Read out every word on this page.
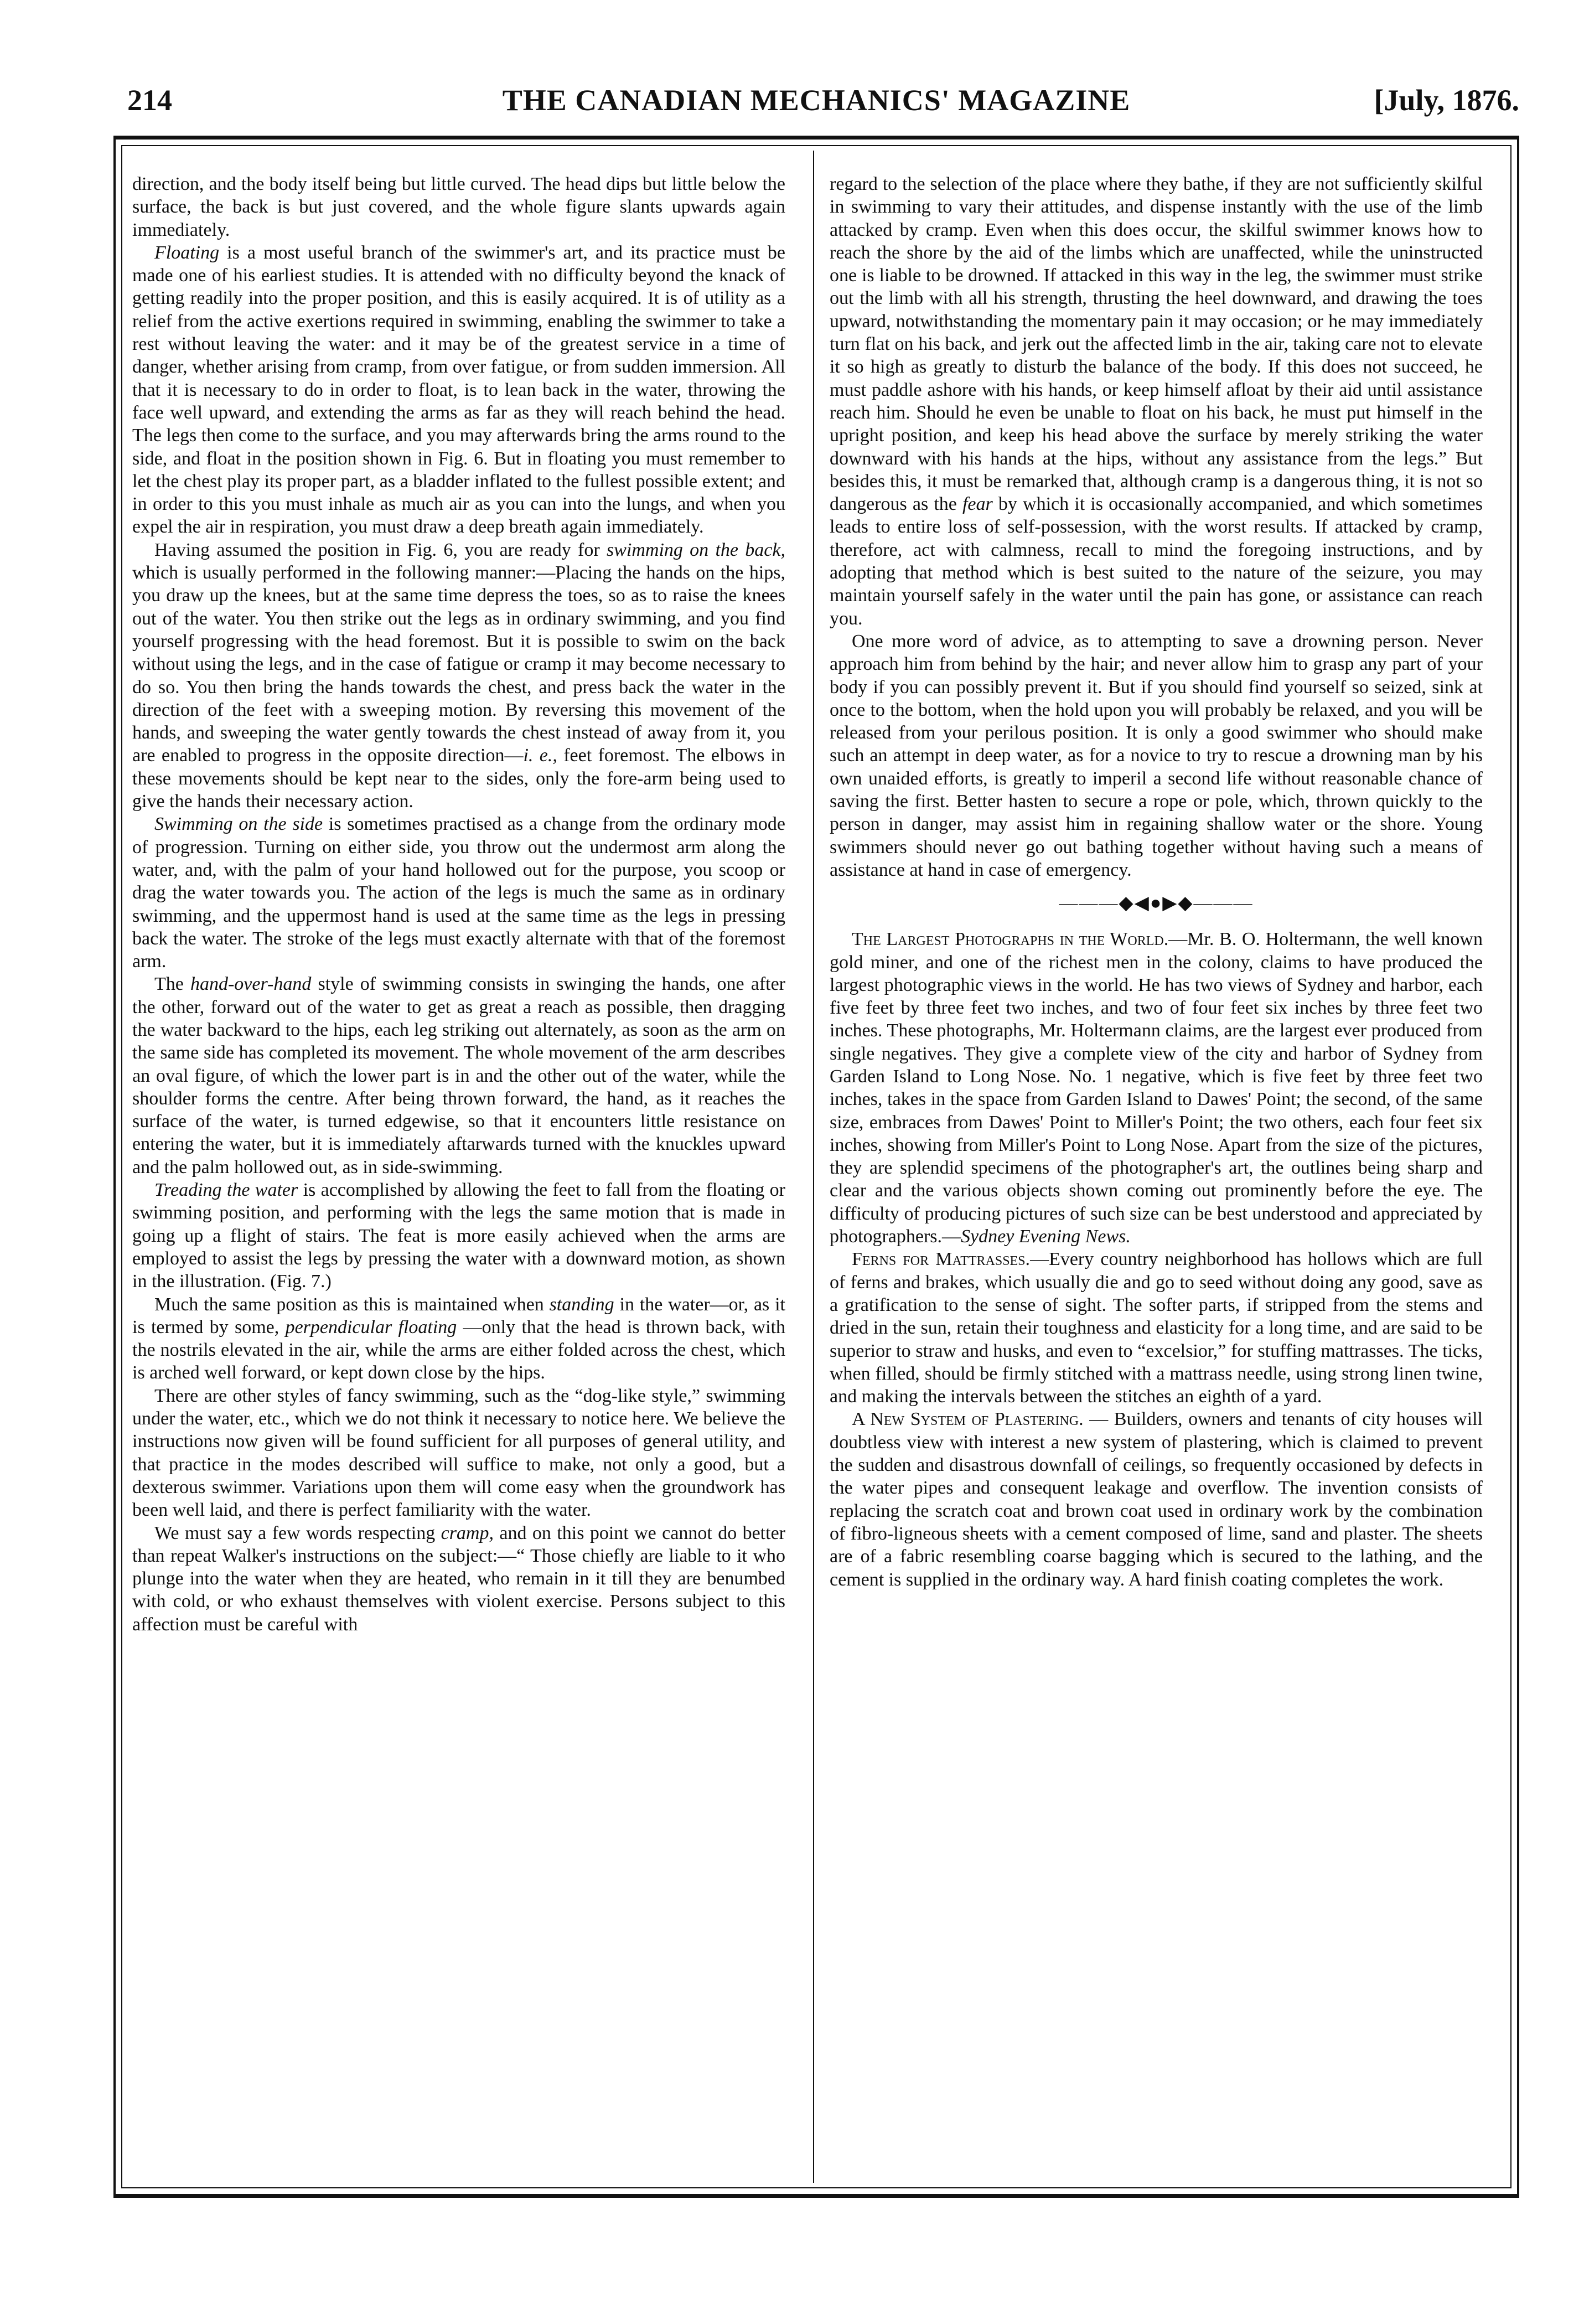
214	THE CANADIAN MECHANICS' MAGAZINE	[July, 1876.

direction, and the body itself being but little curved. The head dips but little below the surface, the back is but just covered, and the whole figure slants upwards again immediately.

Floating is a most useful branch of the swimmer's art, and its practice must be made one of his earliest studies. It is attended with no difficulty beyond the knack of getting readily into the proper position, and this is easily acquired. It is of utility as a relief from the active exertions required in swimming, enabling the swimmer to take a rest without leaving the water: and it may be of the greatest service in a time of danger, whether arising from cramp, from over fatigue, or from sudden immersion. All that it is necessary to do in order to float, is to lean back in the water, throwing the face well upward, and extending the arms as far as they will reach behind the head. The legs then come to the surface, and you may afterwards bring the arms round to the side, and float in the position shown in Fig. 6. But in floating you must remember to let the chest play its proper part, as a bladder inflated to the fullest possible extent; and in order to this you must inhale as much air as you can into the lungs, and when you expel the air in respiration, you must draw a deep breath again immediately.

Having assumed the position in Fig. 6, you are ready for swimming on the back, which is usually performed in the following manner:—Placing the hands on the hips, you draw up the knees, but at the same time depress the toes, so as to raise the knees out of the water. You then strike out the legs as in ordinary swimming, and you find yourself progressing with the head foremost. But it is possible to swim on the back without using the legs, and in the case of fatigue or cramp it may become necessary to do so. You then bring the hands towards the chest, and press back the water in the direction of the feet with a sweeping motion. By reversing this movement of the hands, and sweeping the water gently towards the chest instead of away from it, you are enabled to progress in the opposite direction—i. e., feet foremost. The elbows in these movements should be kept near to the sides, only the fore-arm being used to give the hands their necessary action.

Swimming on the side is sometimes practised as a change from the ordinary mode of progression. Turning on either side, you throw out the undermost arm along the water, and, with the palm of your hand hollowed out for the purpose, you scoop or drag the water towards you. The action of the legs is much the same as in ordinary swimming, and the uppermost hand is used at the same time as the legs in pressing back the water. The stroke of the legs must exactly alternate with that of the foremost arm.

The hand-over-hand style of swimming consists in swinging the hands, one after the other, forward out of the water to get as great a reach as possible, then dragging the water backward to the hips, each leg striking out alternately, as soon as the arm on the same side has completed its movement. The whole movement of the arm describes an oval figure, of which the lower part is in and the other out of the water, while the shoulder forms the centre. After being thrown forward, the hand, as it reaches the surface of the water, is turned edgewise, so that it encounters little resistance on entering the water, but it is immediately aftarwards turned with the knuckles upward and the palm hollowed out, as in side-swimming.

Treading the water is accomplished by allowing the feet to fall from the floating or swimming position, and performing with the legs the same motion that is made in going up a flight of stairs. The feat is more easily achieved when the arms are employed to assist the legs by pressing the water with a downward motion, as shown in the illustration. (Fig. 7.)

Much the same position as this is maintained when standing in the water—or, as it is termed by some, perpendicular floating —only that the head is thrown back, with the nostrils elevated in the air, while the arms are either folded across the chest, which is arched well forward, or kept down close by the hips.

There are other styles of fancy swimming, such as the “dog-like style,” swimming under the water, etc., which we do not think it necessary to notice here. We believe the instructions now given will be found sufficient for all purposes of general utility, and that practice in the modes described will suffice to make, not only a good, but a dexterous swimmer. Variations upon them will come easy when the groundwork has been well laid, and there is perfect familiarity with the water.

We must say a few words respecting cramp, and on this point we cannot do better than repeat Walker's instructions on the subject:—“ Those chiefly are liable to it who plunge into the water when they are heated, who remain in it till they are benumbed with cold, or who exhaust themselves with violent exercise. Persons subject to this affection must be careful with

regard to the selection of the place where they bathe, if they are not sufficiently skilful in swimming to vary their attitudes, and dispense instantly with the use of the limb attacked by cramp. Even when this does occur, the skilful swimmer knows how to reach the shore by the aid of the limbs which are unaffected, while the uninstructed one is liable to be drowned. If attacked in this way in the leg, the swimmer must strike out the limb with all his strength, thrusting the heel downward, and drawing the toes upward, notwithstanding the momentary pain it may occasion; or he may immediately turn flat on his back, and jerk out the affected limb in the air, taking care not to elevate it so high as greatly to disturb the balance of the body. If this does not succeed, he must paddle ashore with his hands, or keep himself afloat by their aid until assistance reach him. Should he even be unable to float on his back, he must put himself in the upright position, and keep his head above the surface by merely striking the water downward with his hands at the hips, without any assistance from the legs.” But besides this, it must be remarked that, although cramp is a dangerous thing, it is not so dangerous as the fear by which it is occasionally accompanied, and which sometimes leads to entire loss of self-possession, with the worst results. If attacked by cramp, therefore, act with calmness, recall to mind the foregoing instructions, and by adopting that method which is best suited to the nature of the seizure, you may maintain yourself safely in the water until the pain has gone, or assistance can reach you.

One more word of advice, as to attempting to save a drowning person. Never approach him from behind by the hair; and never allow him to grasp any part of your body if you can possibly prevent it. But if you should find yourself so seized, sink at once to the bottom, when the hold upon you will probably be relaxed, and you will be released from your perilous position. It is only a good swimmer who should make such an attempt in deep water, as for a novice to try to rescue a drowning man by his own unaided efforts, is greatly to imperil a second life without reasonable chance of saving the first. Better hasten to secure a rope or pole, which, thrown quickly to the person in danger, may assist him in regaining shallow water or the shore. Young swimmers should never go out bathing together without having such a means of assistance at hand in case of emergency.

———◆◀●▶◆———

The Largest Photographs in the World.—Mr. B. O. Holtermann, the well known gold miner, and one of the richest men in the colony, claims to have produced the largest photographic views in the world. He has two views of Sydney and harbor, each five feet by three feet two inches, and two of four feet six inches by three feet two inches. These photographs, Mr. Holtermann claims, are the largest ever produced from single negatives. They give a complete view of the city and harbor of Sydney from Garden Island to Long Nose. No. 1 negative, which is five feet by three feet two inches, takes in the space from Garden Island to Dawes' Point; the second, of the same size, embraces from Dawes' Point to Miller's Point; the two others, each four feet six inches, showing from Miller's Point to Long Nose. Apart from the size of the pictures, they are splendid specimens of the photographer's art, the outlines being sharp and clear and the various objects shown coming out prominently before the eye. The difficulty of producing pictures of such size can be best understood and appreciated by photographers.—Sydney Evening News.

Ferns for Mattrasses.—Every country neighborhood has hollows which are full of ferns and brakes, which usually die and go to seed without doing any good, save as a gratification to the sense of sight. The softer parts, if stripped from the stems and dried in the sun, retain their toughness and elasticity for a long time, and are said to be superior to straw and husks, and even to “excelsior,” for stuffing mattrasses. The ticks, when filled, should be firmly stitched with a mattrass needle, using strong linen twine, and making the intervals between the stitches an eighth of a yard.

A New System of Plastering. — Builders, owners and tenants of city houses will doubtless view with interest a new system of plastering, which is claimed to prevent the sudden and disastrous downfall of ceilings, so frequently occasioned by defects in the water pipes and consequent leakage and overflow. The invention consists of replacing the scratch coat and brown coat used in ordinary work by the combination of fibro-ligneous sheets with a cement composed of lime, sand and plaster. The sheets are of a fabric resembling coarse bagging which is secured to the lathing, and the cement is supplied in the ordinary way. A hard finish coating completes the work.
